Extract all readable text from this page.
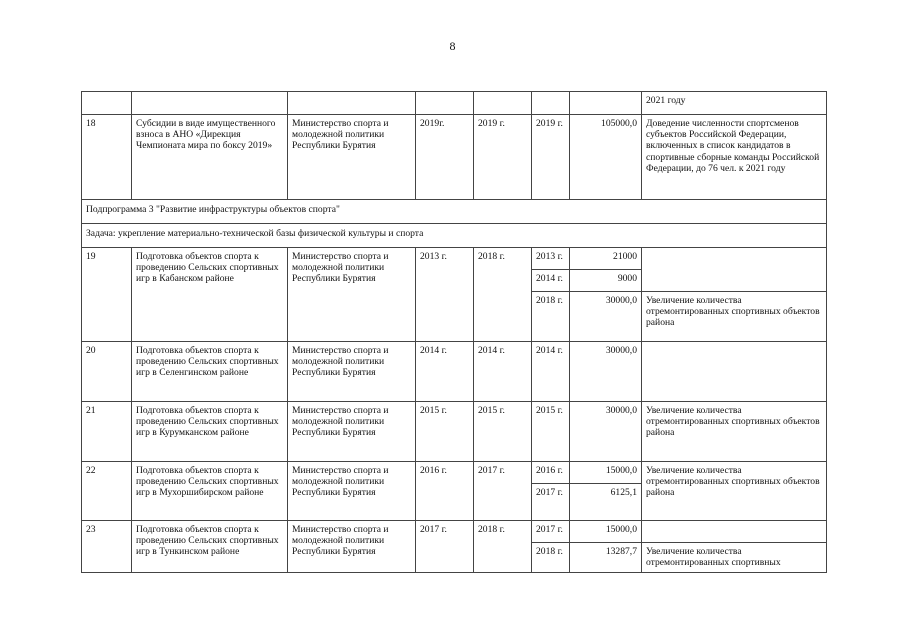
8
							2021 году
18	Субсидии в виде имущественного взноса в АНО «Дирекция Чемпионата мира по боксу 2019»	Министерство спорта и молодежной политики Республики Бурятия	2019г.	2019 г.	2019 г.	105000,0	Доведение численности спортсменов субъектов Российской Федерации, включенных в список кандидатов в спортивные сборные команды Российской Федерации, до 76 чел. к 2021 году
Подпрограмма 3 "Развитие инфраструктуры объектов спорта"							
Задача: укрепление материально-технической базы физической культуры и спорта							
19	Подготовка объектов спорта к проведению Сельских спортивных игр в Кабанском районе	Министерство спорта и молодежной политики Республики Бурятия	2013 г.	2018 г.	2013 г.	21000	
					2014 г.	9000	
					2018 г.	30000,0	Увеличение количества отремонтированных спортивных объектов района
20	Подготовка объектов спорта к проведению Сельских спортивных игр в Селенгинском районе	Министерство спорта и молодежной политики Республики Бурятия	2014 г.	2014 г.	2014 г.	30000,0	
21	Подготовка объектов спорта к проведению Сельских спортивных игр в Курумканском районе	Министерство спорта и молодежной политики Республики Бурятия	2015 г.	2015 г.	2015 г.	30000,0	Увеличение количества отремонтированных спортивных объектов района
22	Подготовка объектов спорта к проведению Сельских спортивных игр в Мухоршибирском районе	Министерство спорта и молодежной политики Республики Бурятия	2016 г.	2017 г.	2016 г.	15000,0	Увеличение количества отремонтированных спортивных объектов района
					2017 г.	6125,1	
23	Подготовка объектов спорта к проведению Сельских спортивных игр в Тункинском районе	Министерство спорта и молодежной политики Республики Бурятия	2017 г.	2018 г.	2017 г.	15000,0	
					2018 г.	13287,7	Увеличение количества отремонтированных спортивных
